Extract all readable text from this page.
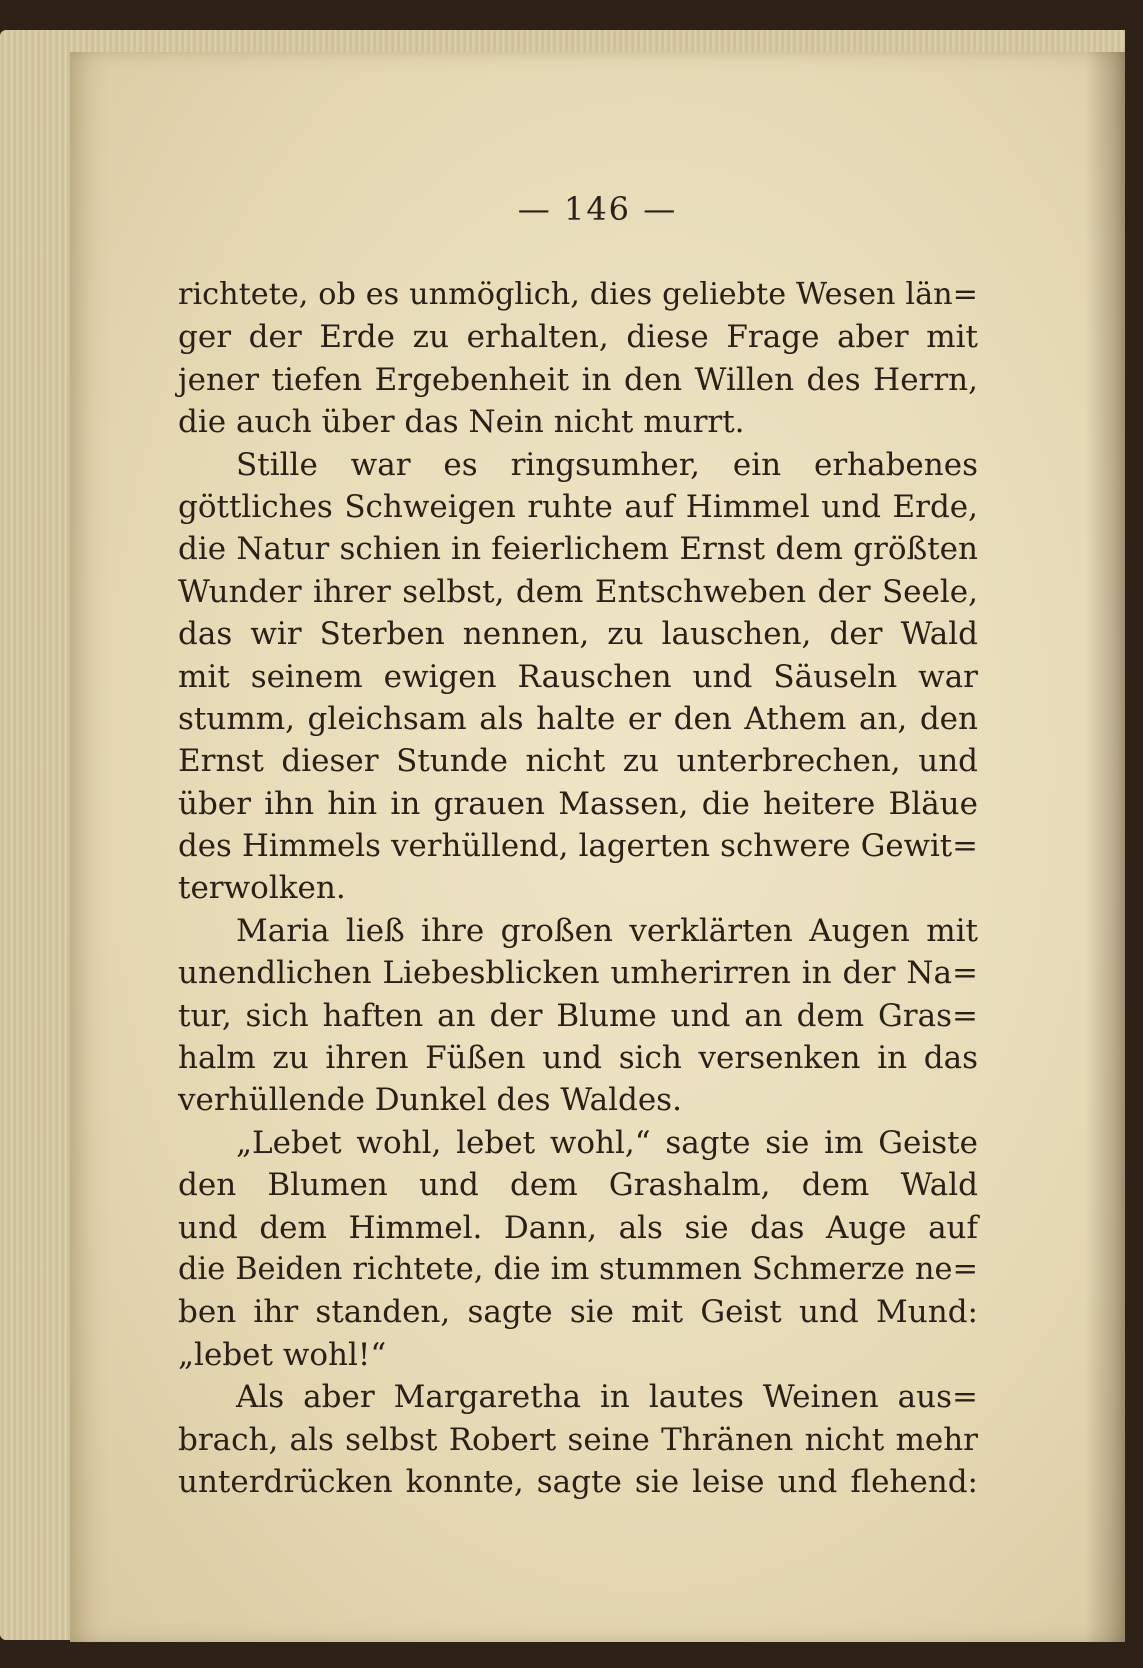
— 146 —
richtete, ob es unmöglich, dies geliebte Wesen län=
ger der Erde zu erhalten, diese Frage aber mit
jener tiefen Ergebenheit in den Willen des Herrn,
die auch über das Nein nicht murrt.
Stille war es ringsumher, ein erhabenes
göttliches Schweigen ruhte auf Himmel und Erde,
die Natur schien in feierlichem Ernst dem größten
Wunder ihrer selbst, dem Entschweben der Seele,
das wir Sterben nennen, zu lauschen, der Wald
mit seinem ewigen Rauschen und Säuseln war
stumm, gleichsam als halte er den Athem an, den
Ernst dieser Stunde nicht zu unterbrechen, und
über ihn hin in grauen Massen, die heitere Bläue
des Himmels verhüllend, lagerten schwere Gewit=
terwolken.
Maria ließ ihre großen verklärten Augen mit
unendlichen Liebesblicken umherirren in der Na=
tur, sich haften an der Blume und an dem Gras=
halm zu ihren Füßen und sich versenken in das
verhüllende Dunkel des Waldes.
„Lebet wohl, lebet wohl,“ sagte sie im Geiste
den Blumen und dem Grashalm, dem Wald
und dem Himmel. Dann, als sie das Auge auf
die Beiden richtete, die im stummen Schmerze ne=
ben ihr standen, sagte sie mit Geist und Mund:
„lebet wohl!“
Als aber Margaretha in lautes Weinen aus=
brach, als selbst Robert seine Thränen nicht mehr
unterdrücken konnte, sagte sie leise und flehend:
